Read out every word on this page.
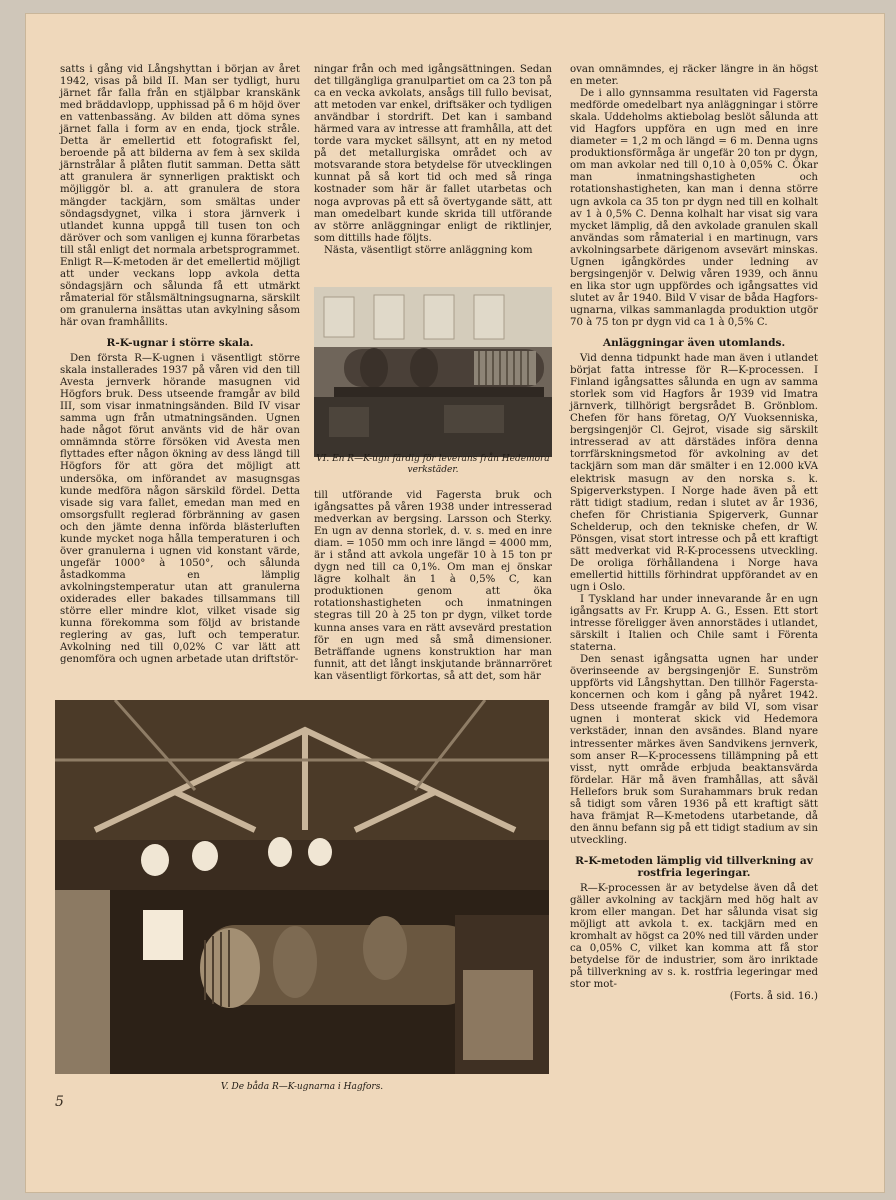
satts i gång vid Långshyttan i början av året 1942, visas på bild II. Man ser tydligt, huru järnet får falla från en stjälpbar kranskänk med bräddavlopp, upphissad på 6 m höjd över en vattenbassäng. Av bilden att döma synes järnet falla i form av en enda, tjock stråle. Detta är emellertid ett fotografiskt fel, beroende på att bilderna av fem à sex skilda järnstrålar å plåten flutit samman. Detta sätt att granulera är synnerligen praktiskt och möjliggör bl. a. att granulera de stora mängder tackjärn, som smältas under söndagsdygnet, vilka i stora järnverk i utlandet kunna uppgå till tusen ton och däröver och som vanligen ej kunna förarbetas till stål enligt det normala arbetsprogrammet. Enligt R—K-metoden är det emellertid möjligt att under veckans lopp avkola detta söndagsjärn och sålunda få ett utmärkt råmaterial för stålsmältningsugnarna, särskilt om granulerna insättas utan avkylning såsom här ovan framhållits.

R-K-ugnar i större skala.

Den första R—K-ugnen i väsentligt större skala installerades 1937 på våren vid den till Avesta jernverk hörande masugnen vid Högfors bruk. Dess utseende framgår av bild III, som visar inmatningsänden. Bild IV visar samma ugn från utmatningsänden. Ugnen hade något förut använts vid de här ovan omnämnda större försöken vid Avesta men flyttades efter någon ökning av dess längd till Högfors för att göra det möjligt att undersöka, om införandet av masugnsgas kunde medföra någon särskild fördel. Detta visade sig vara fallet, emedan man med en omsorgsfullt reglerad förbränning av gasen och den jämte denna införda blästerluften kunde mycket noga hålla temperaturen i och över granulerna i ugnen vid konstant värde, ungefär 1000° à 1050°, och sålunda åstadkomma en lämplig avkolningstemperatur utan att granulerna oxiderades eller bakades tillsammans till större eller mindre klot, vilket visade sig kunna förekomma som följd av bristande reglering av gas, luft och temperatur. Avkolning ned till 0,02% C var lätt att genomföra och ugnen arbetade utan driftstör-

ningar från och med igångsättningen. Sedan det tillgängliga granulpartiet om ca 23 ton på ca en vecka avkolats, ansågs till fullo bevisat, att metoden var enkel, driftsäker och tydligen användbar i stordrift. Det kan i samband härmed vara av intresse att framhålla, att det torde vara mycket sällsynt, att en ny metod på det metallurgiska området och av motsvarande stora betydelse för utvecklingen kunnat på så kort tid och med så ringa kostnader som här är fallet utarbetas och noga avprovas på ett så övertygande sätt, att man omedelbart kunde skrida till utförande av större anläggningar enligt de riktlinjer, som dittills hade följts.

Nästa, väsentligt större anläggning kom

VI. En R—K-ugn färdig för leverans från Hedemora verkstäder.

till utförande vid Fagersta bruk och igångsattes på våren 1938 under intresserad medverkan av bergsing. Larsson och Sterky. En ugn av denna storlek, d. v. s. med en inre diam. = 1050 mm och inre längd = 4000 mm, är i stånd att avkola ungefär 10 à 15 ton pr dygn ned till ca 0,1%. Om man ej önskar lägre kolhalt än 1 à 0,5% C, kan produktionen genom att öka rotationshastigheten och inmatningen stegras till 20 à 25 ton pr dygn, vilket torde kunna anses vara en rätt avsevärd prestation för en ugn med så små dimensioner. Beträffande ugnens konstruktion har man funnit, att det långt inskjutande brännarröret kan väsentligt förkortas, så att det, som här

ovan omnämndes, ej räcker längre in än högst en meter.

De i allo gynnsamma resultaten vid Fagersta medförde omedelbart nya anläggningar i större skala. Uddeholms aktiebolag beslöt sålunda att vid Hagfors uppföra en ugn med en inre diameter = 1,2 m och längd = 6 m. Denna ugns produktionsförmåga är ungefär 20 ton pr dygn, om man avkolar ned till 0,10 à 0,05% C. Ökar man inmatningshastigheten och rotationshastigheten, kan man i denna större ugn avkola ca 35 ton pr dygn ned till en kolhalt av 1 à 0,5% C. Denna kolhalt har visat sig vara mycket lämplig, då den avkolade granulen skall användas som råmaterial i en martinugn, vars avkolningsarbete därigenom avsevärt minskas. Ugnen igångkördes under ledning av bergsingenjör v. Delwig våren 1939, och ännu en lika stor ugn uppfördes och igångsattes vid slutet av år 1940. Bild V visar de båda Hagfors-ugnarna, vilkas sammanlagda produktion utgör 70 à 75 ton pr dygn vid ca 1 à 0,5% C.

Anläggningar även utomlands.

Vid denna tidpunkt hade man även i utlandet börjat fatta intresse för R—K-processen. I Finland igångsattes sålunda en ugn av samma storlek som vid Hagfors år 1939 vid Imatra järnverk, tillhörigt bergsrådet B. Grönblom. Chefen för hans företag, O/Y Vuoksenniska, bergsingenjör Cl. Gejrot, visade sig särskilt intresserad av att därstädes införa denna torrfärskningsmetod för avkolning av det tackjärn som man där smälter i en 12.000 kVA elektrisk masugn av den norska s. k. Spigerverkstypen. I Norge hade även på ett rätt tidigt stadium, redan i slutet av år 1936, chefen för Christiania Spigerverk, Gunnar Schelderup, och den tekniske chefen, dr W. Pönsgen, visat stort intresse och på ett kraftigt sätt medverkat vid R-K-processens utveckling. De oroliga förhållandena i Norge hava emellertid hittills förhindrat uppförandet av en ugn i Oslo.

I Tyskland har under innevarande år en ugn igångsatts av Fr. Krupp A. G., Essen. Ett stort intresse föreligger även annorstädes i utlandet, särskilt i Italien och Chile samt i Förenta staterna.

Den senast igångsatta ugnen har under överinseende av bergsingenjör E. Sunström uppförts vid Långshyttan. Den tillhör Fagersta-koncernen och kom i gång på nyåret 1942. Dess utseende framgår av bild VI, som visar ugnen i monterat skick vid Hedemora verkstäder, innan den avsändes. Bland nyare intressenter märkes även Sandvikens jernverk, som anser R—K-processens tillämpning på ett visst, nytt område erbjuda beaktansvärda fördelar. Här må även framhållas, att såväl Hellefors bruk som Surahammars bruk redan så tidigt som våren 1936 på ett kraftigt sätt hava främjat R—K-metodens utarbetande, då den ännu befann sig på ett tidigt stadium av sin utveckling.

R-K-metoden lämplig vid tillverkning av rostfria legeringar.

R—K-processen är av betydelse även då det gäller avkolning av tackjärn med hög halt av krom eller mangan. Det har sålunda visat sig möjligt att avkola t. ex. tackjärn med en kromhalt av högst ca 20% ned till värden under ca 0,05% C, vilket kan komma att få stor betydelse för de industrier, som äro inriktade på tillverkning av s. k. rostfria legeringar med stor mot-

(Forts. å sid. 16.)

V. De båda R—K-ugnarna i Hagfors.
5
